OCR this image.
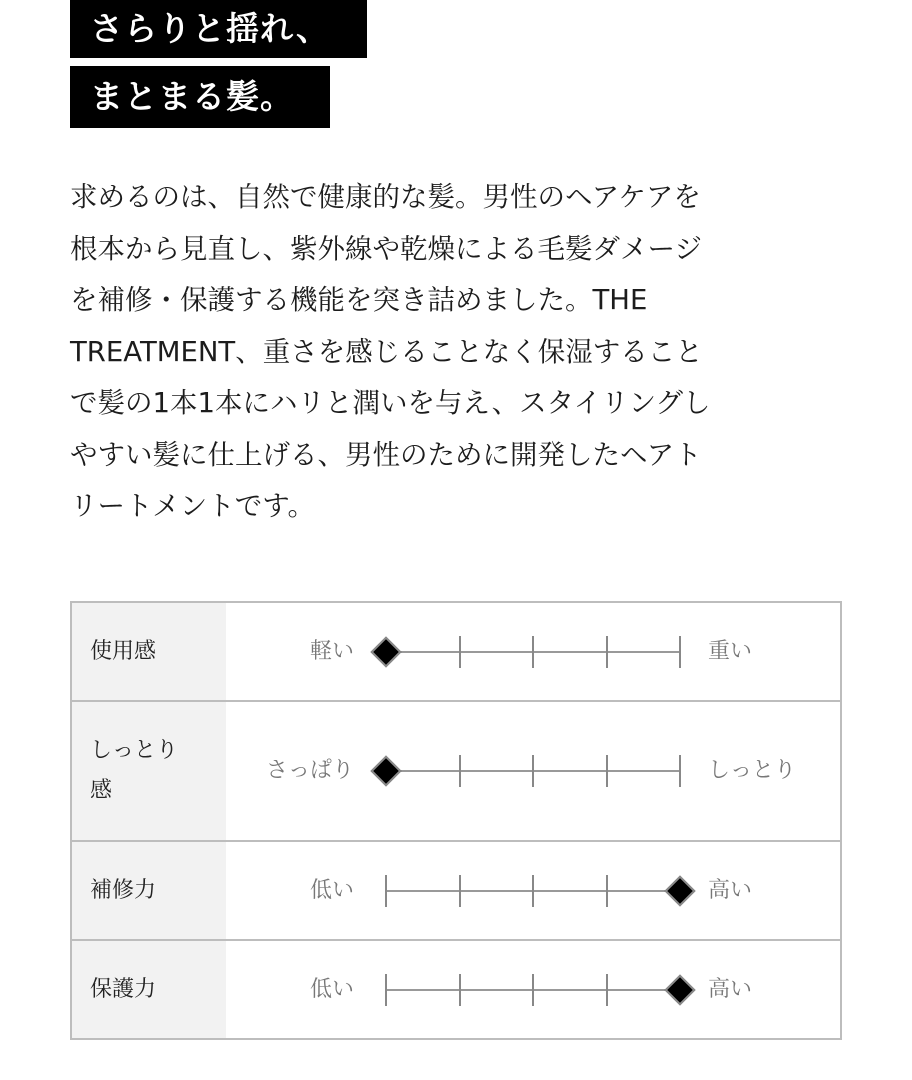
さらりと揺れ、
まとまる髪。
求めるのは、自然で健康的な髪。男性のヘアケアを
根本から見直し、紫外線や乾燥による毛髪ダメージ
を補修・保護する機能を突き詰めました。THE
TREATMENT、重さを感じることなく保湿すること
で髪の1本1本にハリと潤いを与え、スタイリングし
やすい髪に仕上げる、男性のために開発したヘアト
リートメントです。
使用感	軽い 重い

しっとり感	さっぱり しっとり

補修力	低い 高い

保護力	低い 高い
